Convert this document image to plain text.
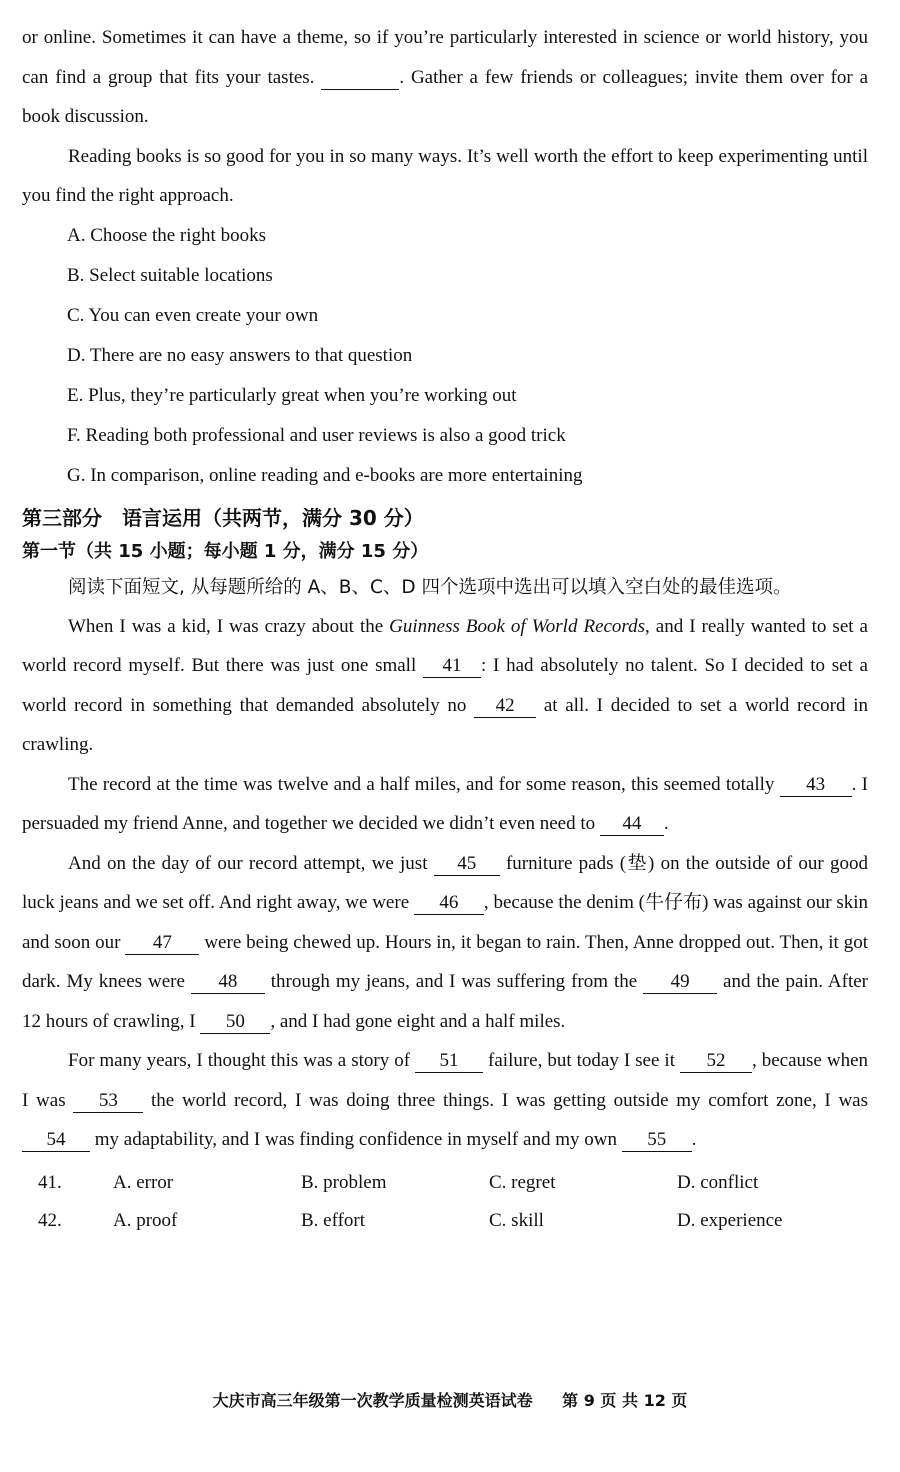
or online. Sometimes it can have a theme, so if you’re particularly interested in science or world history, you can find a group that fits your tastes.	. Gather a few friends or colleagues; invite them over for a book discussion.

Reading books is so good for you in so many ways. It’s well worth the effort to keep experimenting until you find the right approach.

A. Choose the right books

B. Select suitable locations

C. You can even create your own

D. There are no easy answers to that question

E. Plus, they’re particularly great when you’re working out

F. Reading both professional and user reviews is also a good trick

G. In comparison, online reading and e-books are more entertaining

第三部分　语言运用（共两节，满分 30 分）

第一节（共 15 小题；每小题 1 分，满分 15 分）

阅读下面短文, 从每题所给的 A、B、C、D 四个选项中选出可以填入空白处的最佳选项。

When I was a kid, I was crazy about the Guinness Book of World Records, and I really wanted to set a world record myself. But there was just one small 41 : I had absolutely no talent. So I decided to set a world record in something that demanded absolutely no 42 at all. I decided to set a world record in crawling.

The record at the time was twelve and a half miles, and for some reason, this seemed totally 43 . I persuaded my friend Anne, and together we decided we didn’t even need to 44 .

And on the day of our record attempt, we just 45 furniture pads (垫) on the outside of our good luck jeans and we set off. And right away, we were 46 , because the denim (牛仔布) was against our skin and soon our 47 were being chewed up. Hours in, it began to rain. Then, Anne dropped out. Then, it got dark. My knees were 48 through my jeans, and I was suffering from the 49 and the pain. After 12 hours of crawling, I 50 , and I had gone eight and a half miles.

For many years, I thought this was a story of 51 failure, but today I see it 52 , because when I was 53 the world record, I was doing three things. I was getting outside my comfort zone, I was 54 my adaptability, and I was finding confidence in myself and my own 55 .

41.	A. error	B. problem	C. regret	D. conflict
42.	A. proof	B. effort	C. skill	D. experience
大庆市高三年级第一次教学质量检测英语试卷 第 9 页 共 12 页
